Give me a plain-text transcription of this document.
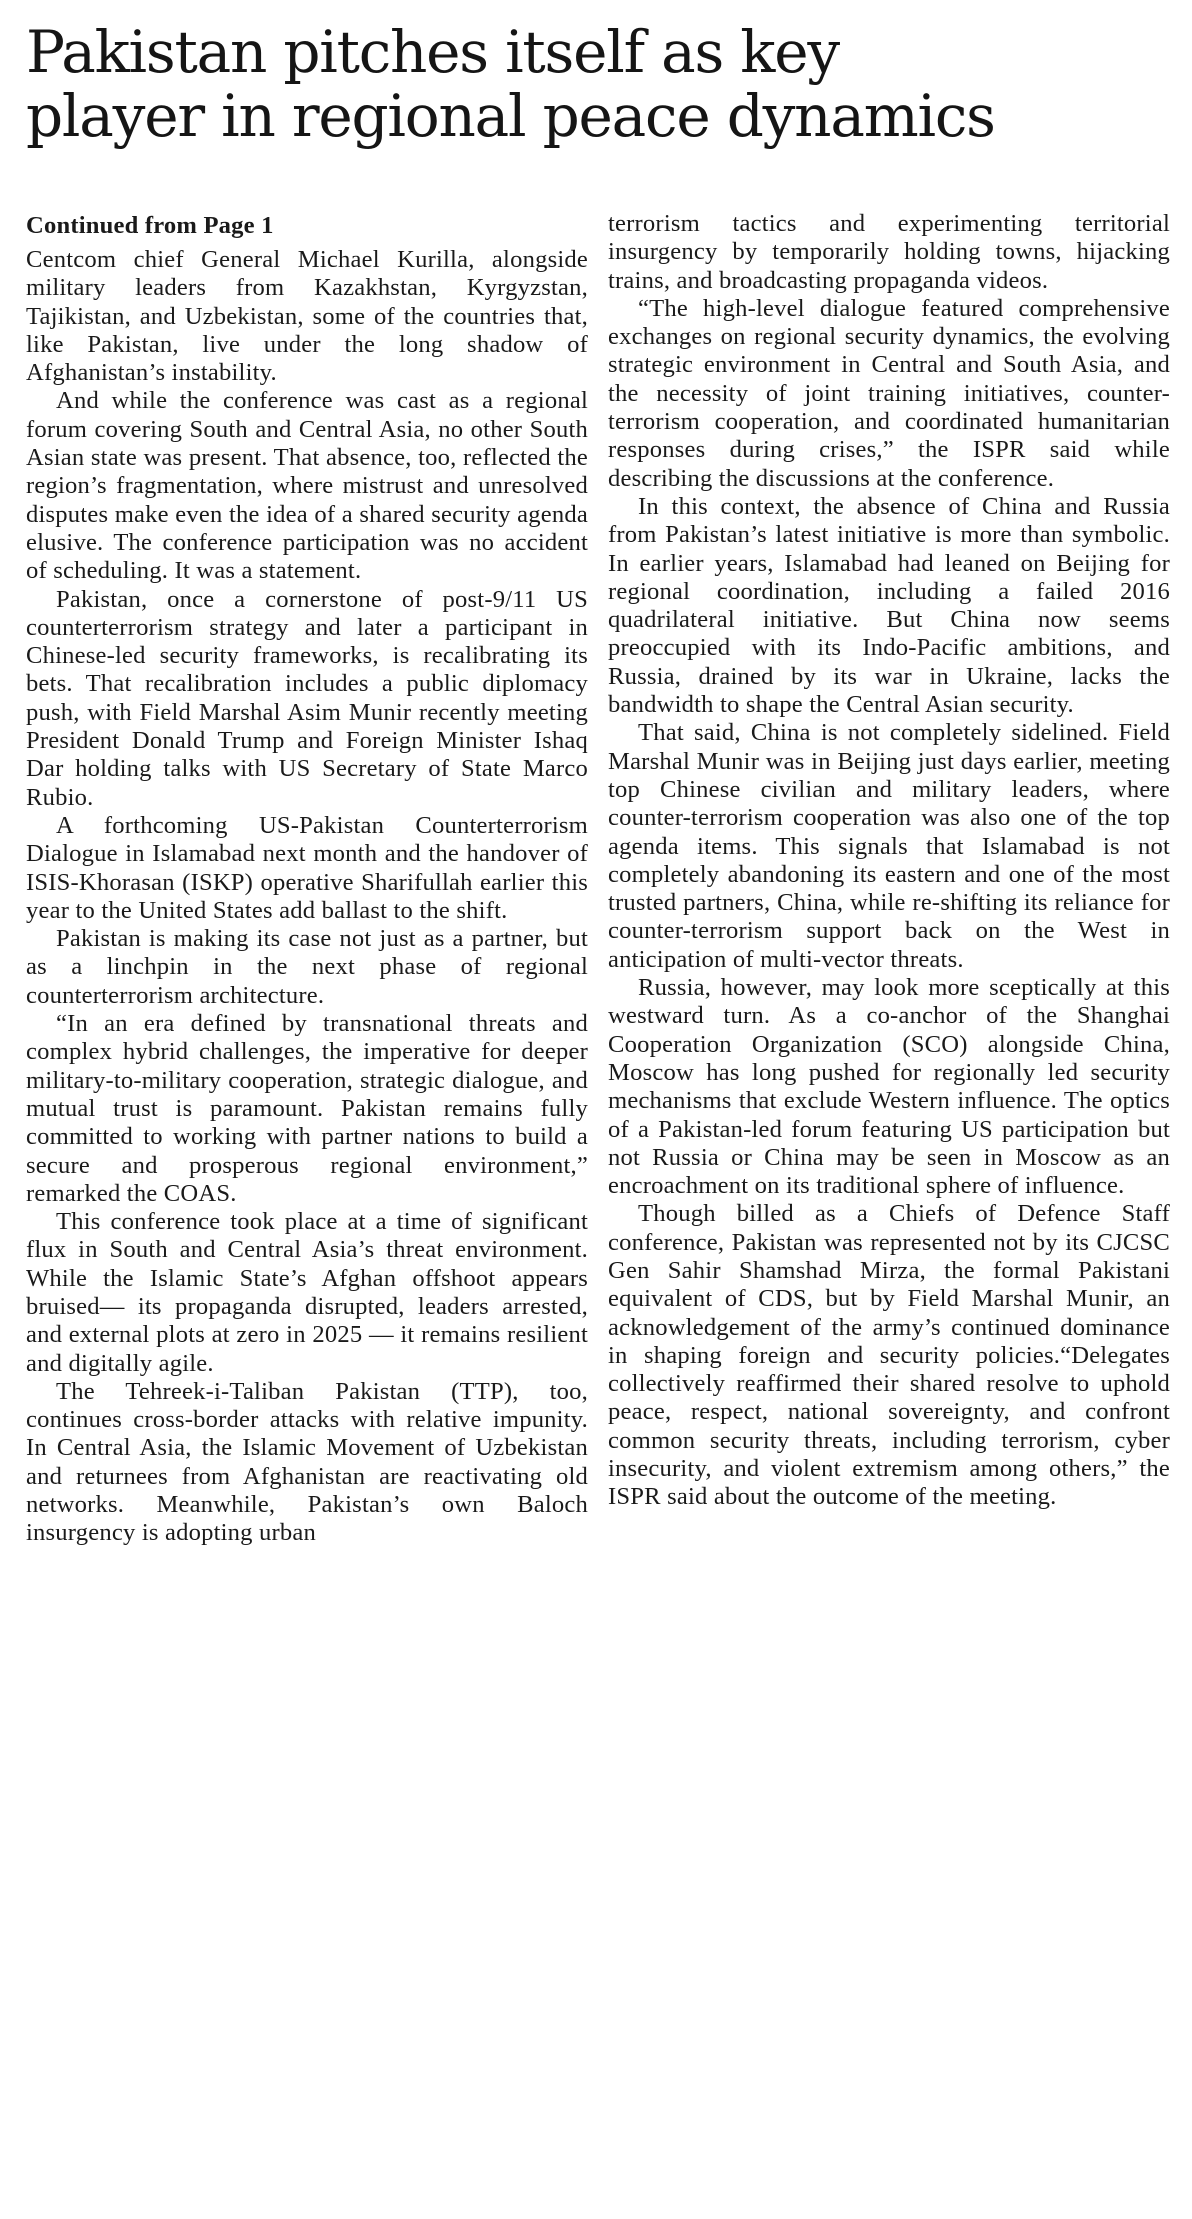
Pakistan pitches itself as key
player in regional peace dynamics
Continued from Page 1

Centcom chief General Michael Kurilla, alongside military leaders from Kazakhstan, Kyrgyzstan, Tajikistan, and Uzbekistan, some of the countries that, like Pakistan, live under the long shadow of Afghanistan’s instability.

And while the conference was cast as a regional forum covering South and Central Asia, no other South Asian state was present. That absence, too, reflected the region’s fragmentation, where mistrust and unresolved disputes make even the idea of a shared security agenda elusive. The conference participation was no accident of scheduling. It was a statement.

Pakistan, once a cornerstone of post-9/11 US counterterrorism strategy and later a participant in Chinese-led security frameworks, is recalibrating its bets. That recalibration includes a public diplomacy push, with Field Marshal Asim Munir recently meeting President Donald Trump and Foreign Minister Ishaq Dar holding talks with US Secretary of State Marco Rubio.

A forthcoming US-Pakistan Counterterrorism Dialogue in Islamabad next month and the handover of ISIS-Khorasan (ISKP) operative Sharifullah earlier this year to the United States add ballast to the shift.

Pakistan is making its case not just as a partner, but as a linchpin in the next phase of regional counterterrorism architecture.

“In an era defined by transnational threats and complex hybrid challenges, the imperative for deeper military-to-military cooperation, strategic dialogue, and mutual trust is paramount. Pakistan remains fully committed to working with partner nations to build a secure and prosperous regional environment,” remarked the COAS.

This conference took place at a time of significant flux in South and Central Asia’s threat environment. While the Islamic State’s Afghan offshoot appears bruised— its propaganda disrupted, leaders arrested, and external plots at zero in 2025 — it remains resilient and digitally agile.

The Tehreek-i-Taliban Pakistan (TTP), too, continues cross-border attacks with relative impunity. In Central Asia, the Islamic Movement of Uzbekistan and returnees from Afghanistan are reactivating old networks. Meanwhile, Pakistan’s own Baloch insurgency is adopting urban

terrorism tactics and experimenting territorial insurgency by temporarily holding towns, hijacking trains, and broadcasting propaganda videos.

“The high-level dialogue featured comprehensive exchanges on regional security dynamics, the evolving strategic environment in Central and South Asia, and the necessity of joint training initiatives, counter-terrorism cooperation, and coordinated humanitarian responses during crises,” the ISPR said while describing the discussions at the conference.

In this context, the absence of China and Russia from Pakistan’s latest initiative is more than symbolic. In earlier years, Islamabad had leaned on Beijing for regional coordination, including a failed 2016 quadrilateral initiative. But China now seems preoccupied with its Indo-Pacific ambitions, and Russia, drained by its war in Ukraine, lacks the bandwidth to shape the Central Asian security.

That said, China is not completely sidelined. Field Marshal Munir was in Beijing just days earlier, meeting top Chinese civilian and military leaders, where counter-terrorism cooperation was also one of the top agenda items. This signals that Islamabad is not completely abandoning its eastern and one of the most trusted partners, China, while re-shifting its reliance for counter-terrorism support back on the West in anticipation of multi-vector threats.

Russia, however, may look more sceptically at this westward turn. As a co-anchor of the Shanghai Cooperation Organization (SCO) alongside China, Moscow has long pushed for regionally led security mechanisms that exclude Western influence. The optics of a Pakistan-led forum featuring US participation but not Russia or China may be seen in Moscow as an encroachment on its traditional sphere of influence.

Though billed as a Chiefs of Defence Staff conference, Pakistan was represented not by its CJCSC Gen Sahir Shamshad Mirza, the formal Pakistani equivalent of CDS, but by Field Marshal Munir, an acknowledgement of the army’s continued dominance in shaping foreign and security policies.“Delegates collectively reaffirmed their shared resolve to uphold peace, respect, national sovereignty, and confront common security threats, including terrorism, cyber insecurity, and violent extremism among others,” the ISPR said about the outcome of the meeting.
